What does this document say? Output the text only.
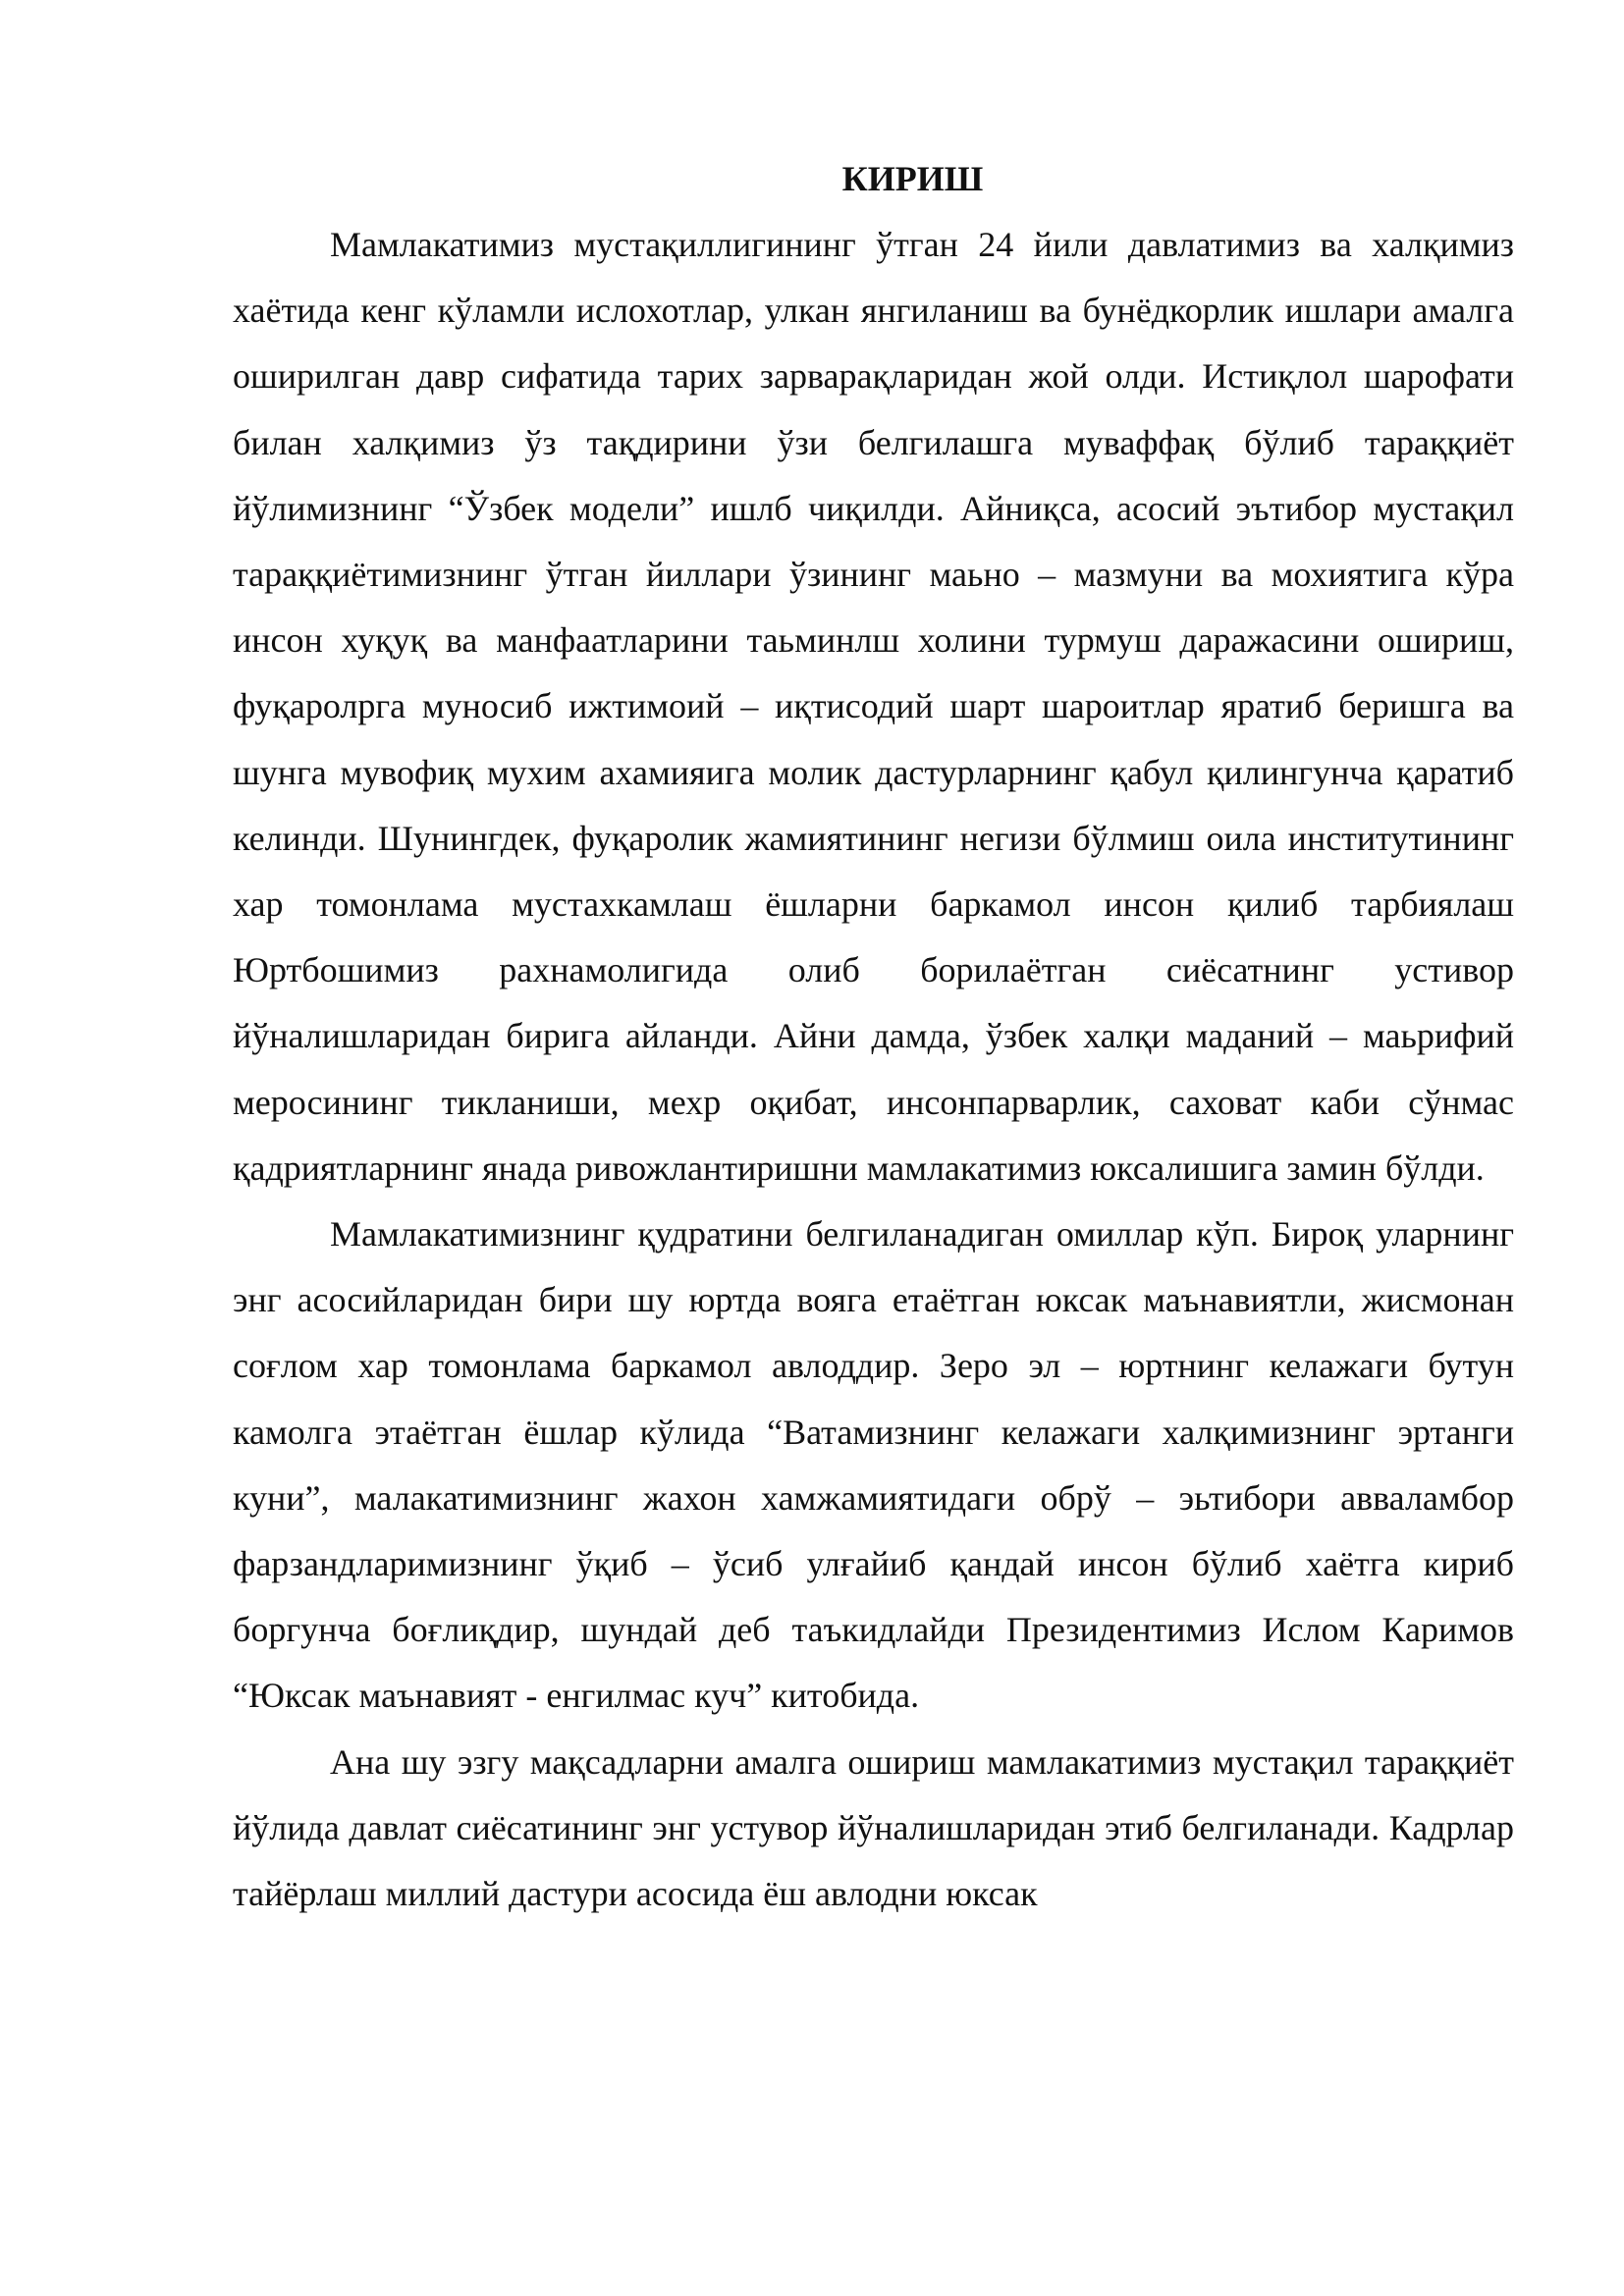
КИРИШ

Мамлакатимиз мустақиллигининг ўтган 24 йили давлатимиз ва халқимиз хаётида кенг кўламли ислохотлар, улкан янгиланиш ва бунёдкорлик ишлари амалга оширилган давр сифатида тарих зарварақларидан жой олди. Истиқлол шарофати билан халқимиз ўз тақдирини ўзи белгилашга муваффақ бўлиб тараққиёт йўлимизнинг “Ўзбек модели” ишлб чиқилди. Айниқса, асосий эътибор мустақил тараққиётимизнинг ўтган йиллари ўзининг маьно – мазмуни ва мохиятига кўра инсон хуқуқ ва манфаатларини таьминлш холини турмуш даражасини ошириш, фуқаролрга муносиб ижтимоий – иқтисодий шарт шароитлар яратиб беришга ва шунга мувофиқ мухим ахамияига молик дастурларнинг қабул қилингунча қаратиб келинди. Шунингдек, фуқаролик жамиятининг негизи бўлмиш оила институтининг хар томонлама мустахкамлаш ёшларни баркамол инсон қилиб тарбиялаш Юртбошимиз рахнамолигида олиб борилаётган сиёсатнинг устивор йўналишларидан бирига айланди. Айни дамда, ўзбек халқи маданий – маьрифий меросининг тикланиши, мехр оқибат, инсонпарварлик, саховат каби сўнмас қадриятларнинг янада ривожлантиришни мамлакатимиз юксалишига замин бўлди.

Мамлакатимизнинг қудратини белгиланадиган омиллар кўп. Бироқ уларнинг энг асосийларидан бири шу юртда вояга етаётган юксак маънавиятли, жисмонан соғлом хар томонлама баркамол авлоддир. Зеро эл – юртнинг келажаги бутун камолга этаётган ёшлар кўлида “Ватамизнинг келажаги халқимизнинг эртанги куни”, малакатимизнинг жахон хамжамиятидаги обрў – эьтибори авваламбор фарзандларимизнинг ўқиб – ўсиб улғайиб қандай инсон бўлиб хаётга кириб боргунча боғлиқдир, шундай деб таъкидлайди Президентимиз Ислом Каримов “Юксак маънавият - енгилмас куч” китобида.

Ана шу эзгу мақсадларни амалга ошириш мамлакатимиз мустақил тараққиёт йўлида давлат сиёсатининг энг устувор йўналишларидан этиб белгиланади. Кадрлар тайёрлаш миллий дастури асосида ёш авлодни юксак
